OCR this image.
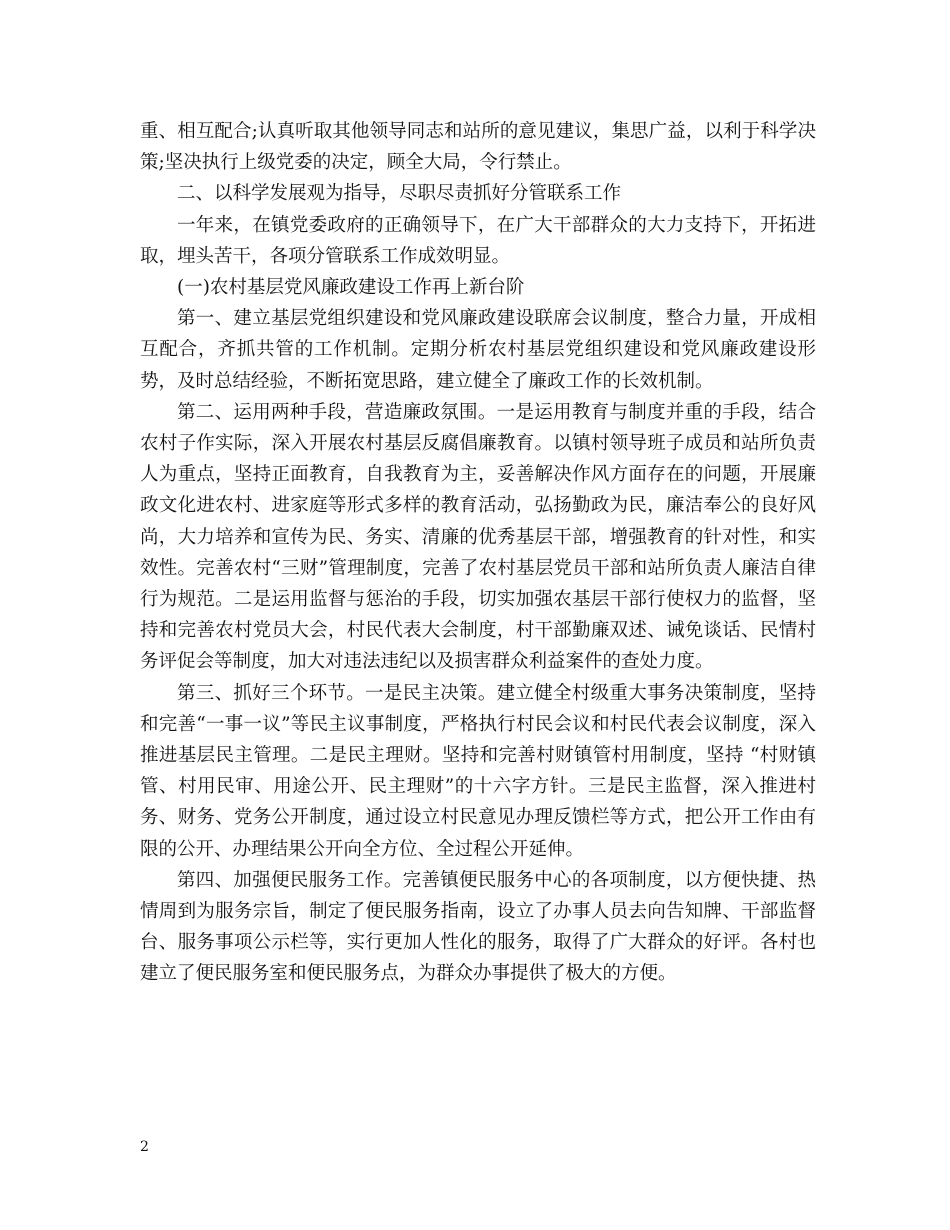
重、相互配合;认真听取其他领导同志和站所的意见建议，集思广益，以利于科学决策;坚决执行上级党委的决定，顾全大局，令行禁止。

二、以科学发展观为指导，尽职尽责抓好分管联系工作

一年来，在镇党委政府的正确领导下，在广大干部群众的大力支持下，开拓进取，埋头苦干，各项分管联系工作成效明显。

(一)农村基层党风廉政建设工作再上新台阶

第一、建立基层党组织建设和党风廉政建设联席会议制度，整合力量，开成相互配合，齐抓共管的工作机制。定期分析农村基层党组织建设和党风廉政建设形势，及时总结经验，不断拓宽思路，建立健全了廉政工作的长效机制。

第二、运用两种手段，营造廉政氛围。一是运用教育与制度并重的手段，结合农村子作实际，深入开展农村基层反腐倡廉教育。以镇村领导班子成员和站所负责人为重点，坚持正面教育，自我教育为主，妥善解决作风方面存在的问题，开展廉政文化进农村、进家庭等形式多样的教育活动，弘扬勤政为民，廉洁奉公的良好风尚，大力培养和宣传为民、务实、清廉的优秀基层干部，增强教育的针对性，和实效性。完善农村“三财”管理制度，完善了农村基层党员干部和站所负责人廉洁自律行为规范。二是运用监督与惩治的手段，切实加强农基层干部行使权力的监督，坚持和完善农村党员大会，村民代表大会制度，村干部勤廉双述、诫免谈话、民情村务评促会等制度，加大对违法违纪以及损害群众利益案件的查处力度。

第三、抓好三个环节。一是民主决策。建立健全村级重大事务决策制度，坚持和完善“一事一议”等民主议事制度，严格执行村民会议和村民代表会议制度，深入推进基层民主管理。二是民主理财。坚持和完善村财镇管村用制度，坚持 “村财镇管、村用民审、用途公开、民主理财”的十六字方针。三是民主监督，深入推进村务、财务、党务公开制度，通过设立村民意见办理反馈栏等方式，把公开工作由有限的公开、办理结果公开向全方位、全过程公开延伸。

第四、加强便民服务工作。完善镇便民服务中心的各项制度，以方便快捷、热情周到为服务宗旨，制定了便民服务指南，设立了办事人员去向告知牌、干部监督台、服务事项公示栏等，实行更加人性化的服务，取得了广大群众的好评。各村也建立了便民服务室和便民服务点，为群众办事提供了极大的方便。

2
